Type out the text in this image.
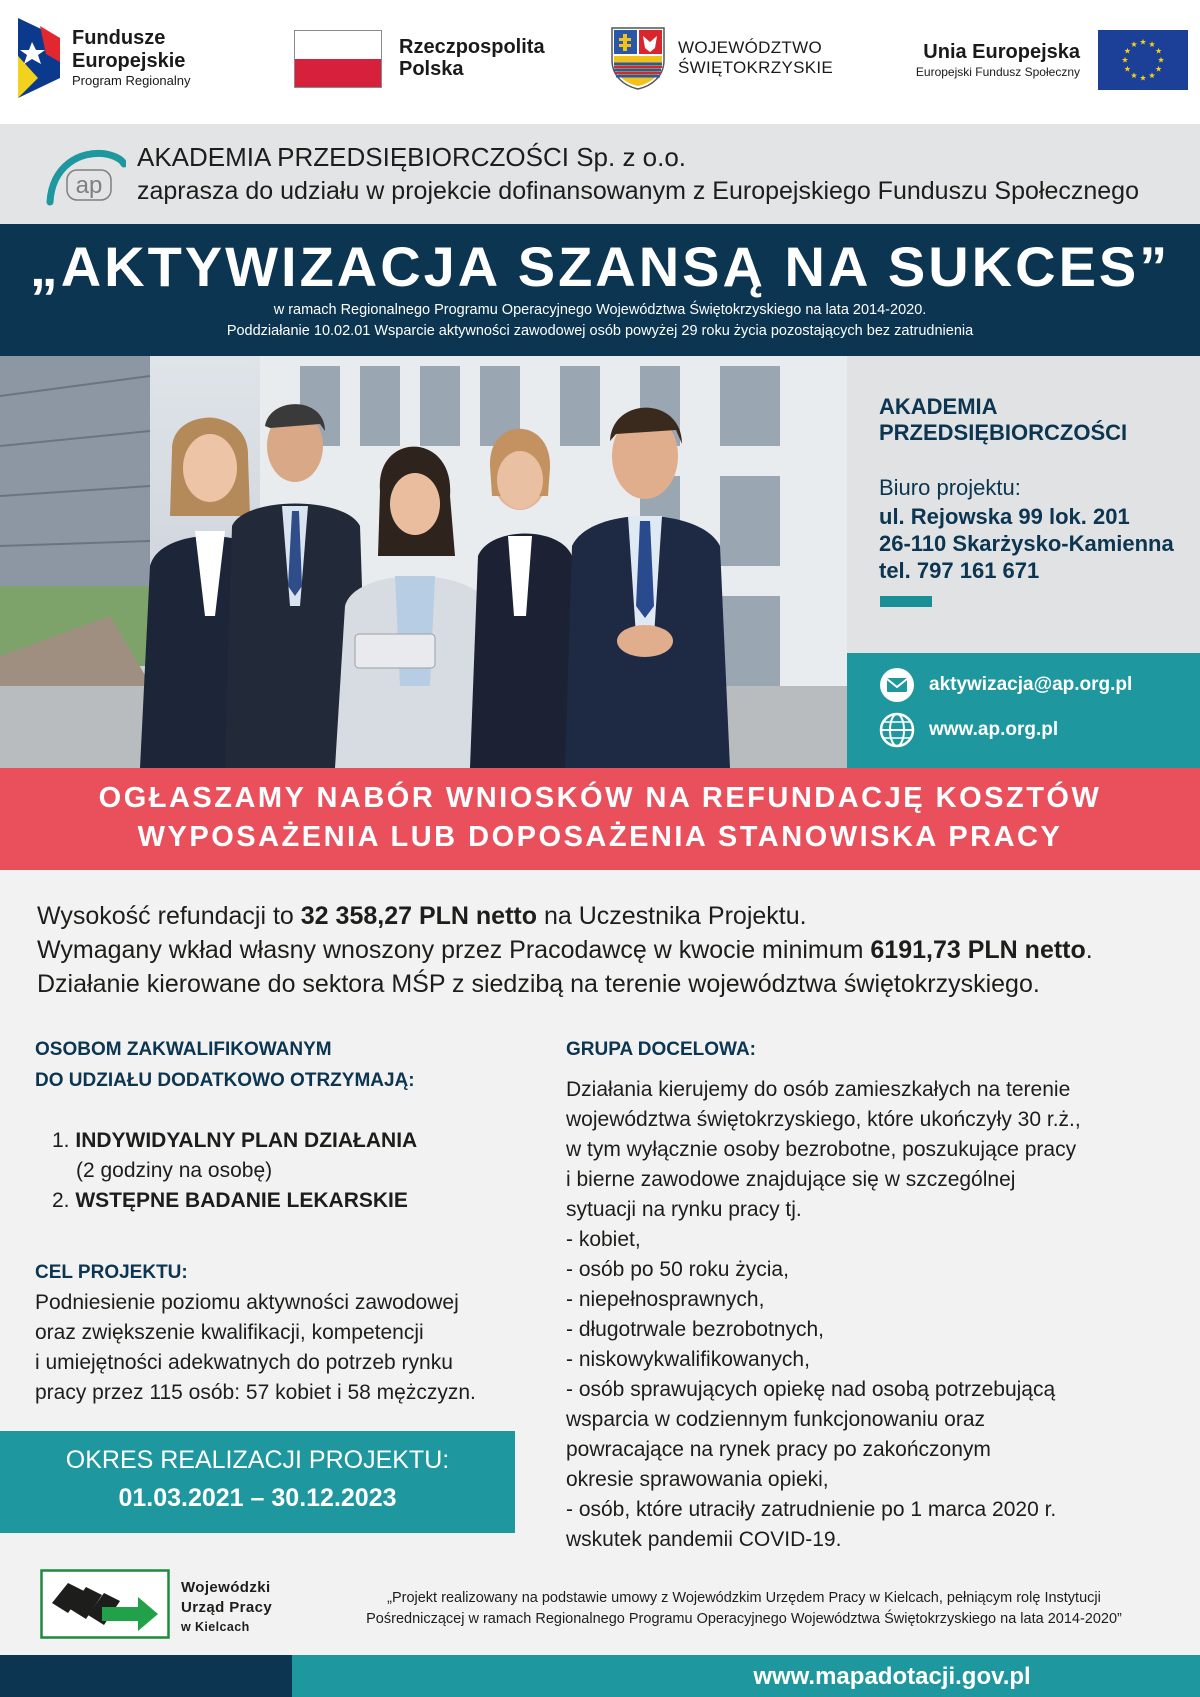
Fundusze
Europejskie
Program Regionalny
Rzeczpospolita
Polska
WOJEWÓDZTWO
ŚWIĘTOKRZYSKIE
Unia Europejska
Europejski Fundusz Społeczny
ap
AKADEMIA PRZEDSIĘBIORCZOŚCI Sp. z o.o.
zaprasza do udziału w projekcie dofinansowanym z Europejskiego Funduszu Społecznego
„AKTYWIZACJA SZANSĄ NA SUKCES”
w ramach Regionalnego Programu Operacyjnego Województwa Świętokrzyskiego na lata 2014-2020.
Poddziałanie 10.02.01 Wsparcie aktywności zawodowej osób powyżej 29 roku życia pozostających bez zatrudnienia
AKADEMIA
PRZEDSIĘBIORCZOŚCI
Biuro projektu:
ul. Rejowska 99 lok. 201
26-110 Skarżysko-Kamienna
tel. 797 161 671
aktywizacja@ap.org.pl
www.ap.org.pl
OGŁASZAMY NABÓR WNIOSKÓW NA REFUNDACJĘ KOSZTÓW
WYPOSAŻENIA LUB DOPOSAŻENIA STANOWISKA PRACY
Wysokość refundacji to 32 358,27 PLN netto na Uczestnika Projektu.
Wymagany wkład własny wnoszony przez Pracodawcę w kwocie minimum 6191,73 PLN netto.
Działanie kierowane do sektora MŚP z siedzibą na terenie województwa świętokrzyskiego.
OSOBOM ZAKWALIFIKOWANYM
DO UDZIAŁU DODATKOWO OTRZYMAJĄ:
1. INDYWIDYALNY PLAN DZIAŁANIA
(2 godziny na osobę)
2. WSTĘPNE BADANIE LEKARSKIE
CEL PROJEKTU:
Podniesienie poziomu aktywności zawodowej
oraz zwiększenie kwalifikacji, kompetencji
i umiejętności adekwatnych do potrzeb rynku
pracy przez 115 osób: 57 kobiet i 58 mężczyzn.
OKRES REALIZACJI PROJEKTU:
01.03.2021 – 30.12.2023
GRUPA DOCELOWA:
Działania kierujemy do osób zamieszkałych na terenie
województwa świętokrzyskiego, które ukończyły 30 r.ż.,
w tym wyłącznie osoby bezrobotne, poszukujące pracy
i bierne zawodowe znajdujące się w szczególnej
sytuacji na rynku pracy tj.
- kobiet,
- osób po 50 roku życia,
- niepełnosprawnych,
- długotrwale bezrobotnych,
- niskowykwalifikowanych,
- osób sprawujących opiekę nad osobą potrzebującą
wsparcia w codziennym funkcjonowaniu oraz
powracające na rynek pracy po zakończonym
okresie sprawowania opieki,
- osób, które utraciły zatrudnienie po 1 marca 2020 r.
wskutek pandemii COVID-19.
Wojewódzki
Urząd Pracy
w Kielcach
„Projekt realizowany na podstawie umowy z Wojewódzkim Urzędem Pracy w Kielcach, pełniącym rolę Instytucji
Pośredniczącej w ramach Regionalnego Programu Operacyjnego Województwa Świętokrzyskiego na lata 2014-2020”
www.mapadotacji.gov.pl
